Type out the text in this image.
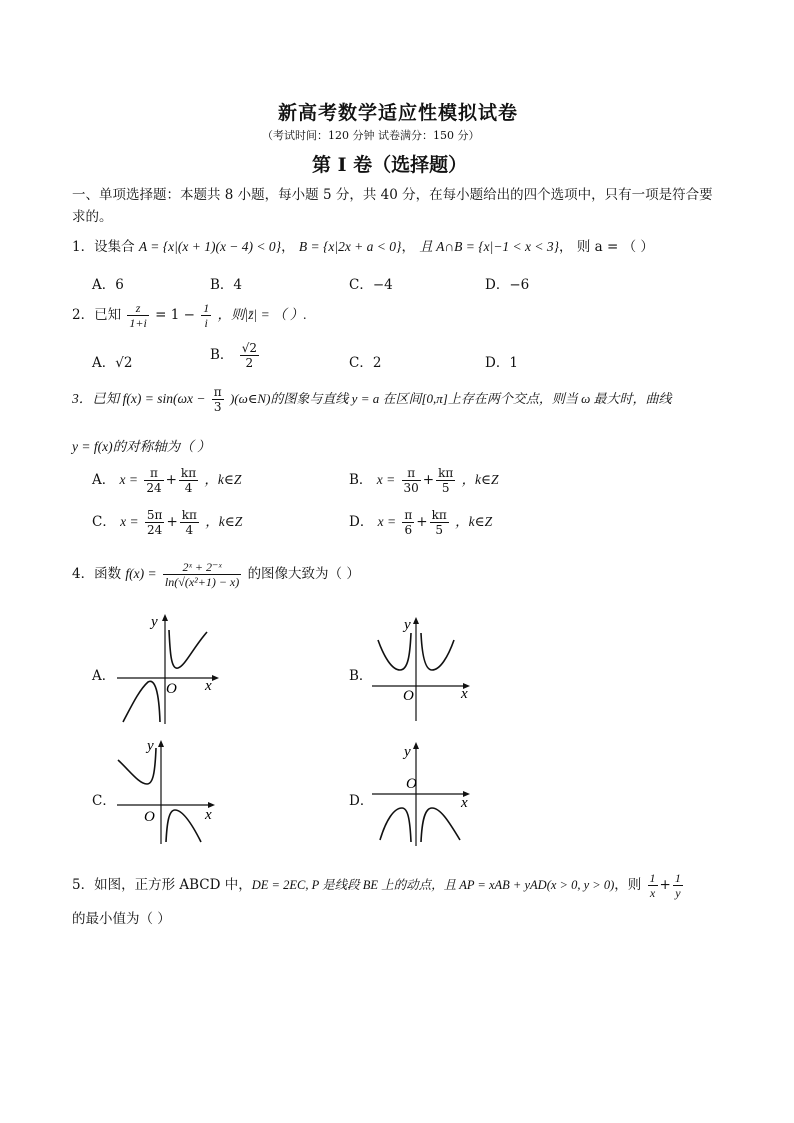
新高考数学适应性模拟试卷
（考试时间：120 分钟 试卷满分：150 分）
第 I 卷（选择题）
一、单项选择题：本题共 8 小题，每小题 5 分，共 40 分，在每小题给出的四个选项中，只有一项是符合要
求的。
1．设集合 A = {x|(x + 1)(x − 4) < 0}， B = {x|2x + a < 0}， 且 A∩B = {x|−1 < x < 3}， 则 a = （ ）
A．6	B．4	C．−4	D．−6
2．已知 $\frac{z}{1+i} = 1 - \frac{1}{i}$ ，则|z̄| = （ ）.
A．√2	B． $\frac{√2}{2}$	C．2	D．1
3．已知 $f(x) = \sin(\omega x - \frac{\pi}{3}$ )(ω∈N)的图象与直线 y = a 在区间[0,π]上存在两个交点，则当 ω 最大时，曲线
y = f(x)的对称轴为（ ）
A． $x = \frac{\pi}{24} + \frac{k\pi}{4}$ ，k∈Z	B． $x = \frac{\pi}{30} + \frac{k\pi}{5}$ ，k∈Z
C． $x = \frac{5\pi}{24} + \frac{k\pi}{4}$ ，k∈Z	D． $x = \frac{\pi}{6} + \frac{k\pi}{5}$ ，k∈Z
4．函数 $f(x) = \frac{\text{2ˣ + 2⁻ˣ}}{\text{ln(√(x²+1) − x)}}$ 的图像大致为（ ）
A．
y
x
O
B．
y
x
O
C．
y
x
O
D．
y
x
O
5．如图，正方形 ABCD 中，DE = 2EC, P 是线段 BE 上的动点，且 AP = xAB + yAD(x > 0, y > 0)，则 $\frac{1}{x} + \frac{1}{y}$
的最小值为（ ）
